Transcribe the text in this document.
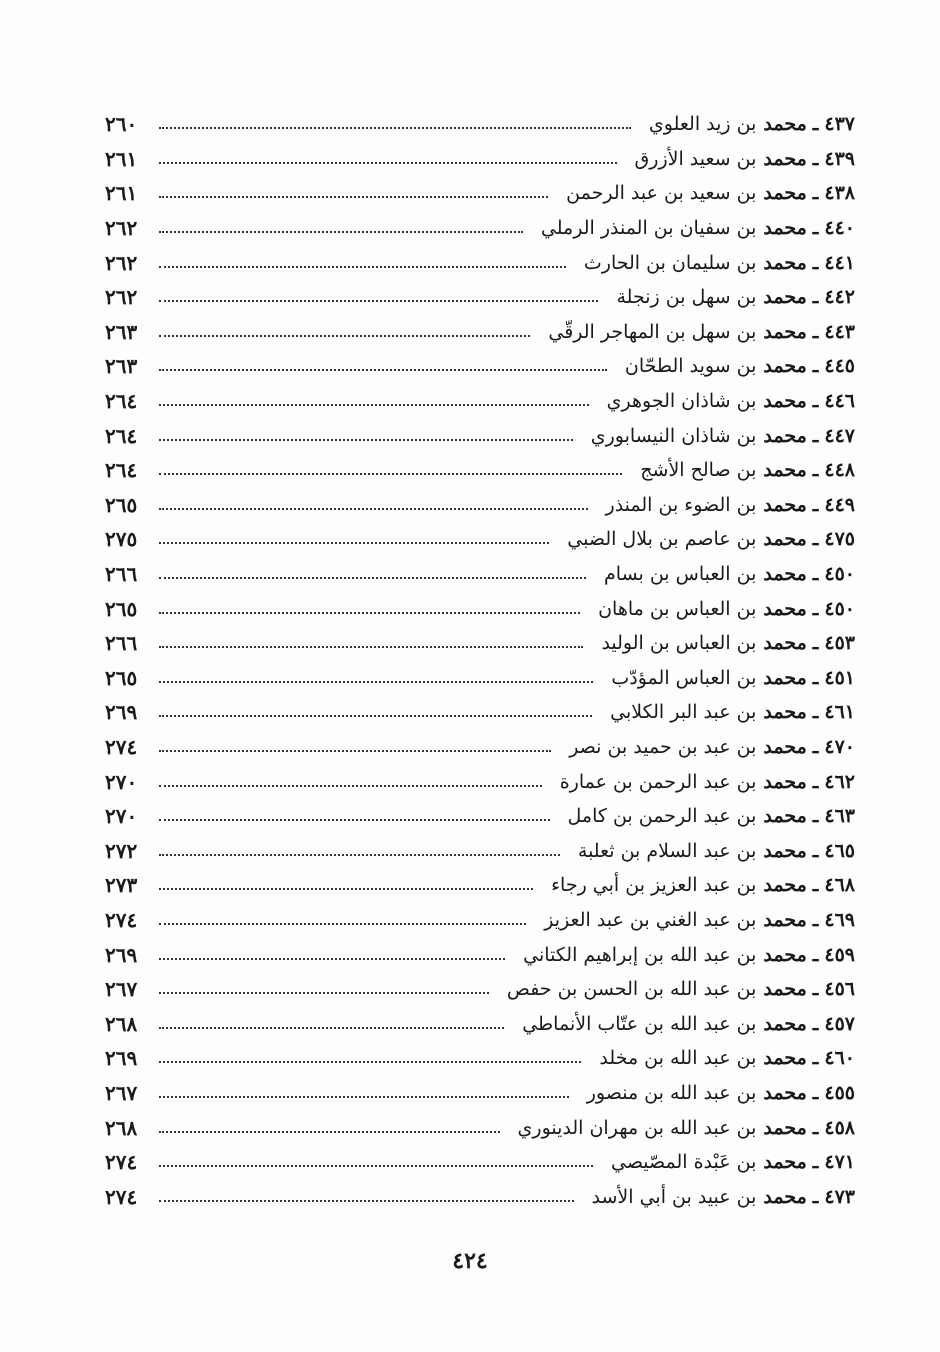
٤٣٧
ـ
محمد
بن زيد العلوي
٢٦٠
٤٣٩
ـ
محمد
بن سعيد الأزرق
٢٦١
٤٣٨
ـ
محمد
بن سعيد بن عبد الرحمن
٢٦١
٤٤٠
ـ
محمد
بن سفيان بن المنذر الرملي
٢٦٢
٤٤١
ـ
محمد
بن سليمان بن الحارث
٢٦٢
٤٤٢
ـ
محمد
بن سهل بن زنجلة
٢٦٢
٤٤٣
ـ
محمد
بن سهل بن المهاجر الرقّي
٢٦٣
٤٤٥
ـ
محمد
بن سويد الطحّان
٢٦٣
٤٤٦
ـ
محمد
بن شاذان الجوهري
٢٦٤
٤٤٧
ـ
محمد
بن شاذان النيسابوري
٢٦٤
٤٤٨
ـ
محمد
بن صالح الأشج
٢٦٤
٤٤٩
ـ
محمد
بن الضوء بن المنذر
٢٦٥
٤٧٥
ـ
محمد
بن عاصم بن بلال الضبي
٢٧٥
٤٥٠
ـ
محمد
بن العباس بن بسام
٢٦٦
٤٥٠
ـ
محمد
بن العباس بن ماهان
٢٦٥
٤٥٣
ـ
محمد
بن العباس بن الوليد
٢٦٦
٤٥١
ـ
محمد
بن العباس المؤدّب
٢٦٥
٤٦١
ـ
محمد
بن عبد البر الكلابي
٢٦٩
٤٧٠
ـ
محمد
بن عبد بن حميد بن نصر
٢٧٤
٤٦٢
ـ
محمد
بن عبد الرحمن بن عمارة
٢٧٠
٤٦٣
ـ
محمد
بن عبد الرحمن بن كامل
٢٧٠
٤٦٥
ـ
محمد
بن عبد السلام بن ثعلبة
٢٧٢
٤٦٨
ـ
محمد
بن عبد العزيز بن أبي رجاء
٢٧٣
٤٦٩
ـ
محمد
بن عبد الغني بن عبد العزيز
٢٧٤
٤٥٩
ـ
محمد
بن عبد الله بن إبراهيم الكتاني
٢٦٩
٤٥٦
ـ
محمد
بن عبد الله بن الحسن بن حفص
٢٦٧
٤٥٧
ـ
محمد
بن عبد الله بن عتّاب الأنماطي
٢٦٨
٤٦٠
ـ
محمد
بن عبد الله بن مخلد
٢٦٩
٤٥٥
ـ
محمد
بن عبد الله بن منصور
٢٦٧
٤٥٨
ـ
محمد
بن عبد الله بن مهران الدينوري
٢٦٨
٤٧١
ـ
محمد
بن عَبْدة المصّيصي
٢٧٤
٤٧٣
ـ
محمد
بن عبيد بن أبي الأسد
٢٧٤
٤٢٤
